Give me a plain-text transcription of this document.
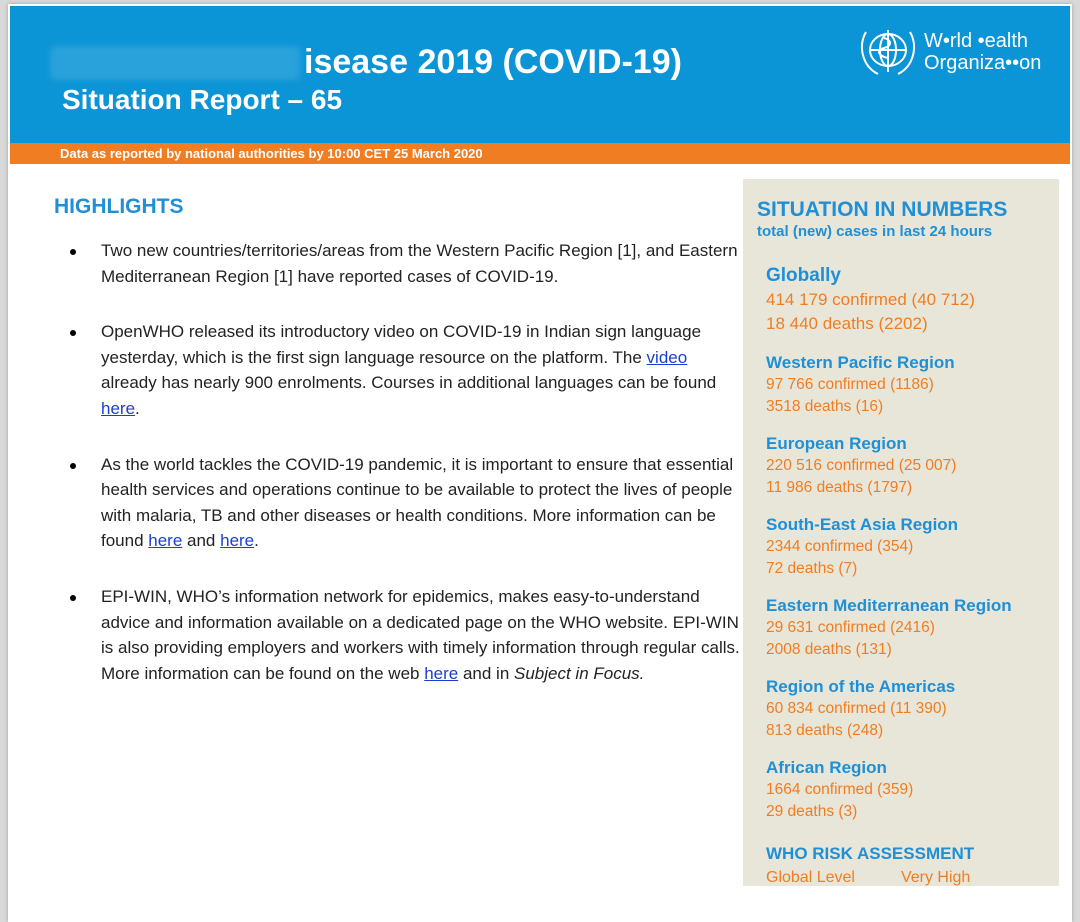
isease 2019 (COVID-19)
Situation Report – 65
W•rld •ealth
Organiza••on
Data as reported by national authorities by 10:00 CET 25 March 2020
HIGHLIGHTS
Two new countries/territories/areas from the Western Pacific Region [1], and Eastern Mediterranean Region [1] have reported cases of COVID-19.
OpenWHO released its introductory video on COVID-19 in Indian sign language yesterday, which is the first sign language resource on the platform. The video already has nearly 900 enrolments. Courses in additional languages can be found here.
As the world tackles the COVID-19 pandemic, it is important to ensure that essential health services and operations continue to be available to protect the lives of people with malaria, TB and other diseases or health conditions. More information can be found here and here.
EPI-WIN, WHO’s information network for epidemics, makes easy-to-understand advice and information available on a dedicated page on the WHO website. EPI-WIN is also providing employers and workers with timely information through regular calls. More information can be found on the web here and in Subject in Focus.
SITUATION IN NUMBERS
total (new) cases in last 24 hours
Globally
414 179 confirmed (40 712)
18 440 deaths (2202)
Western Pacific Region
97 766 confirmed (1186)
3518 deaths (16)
European Region
220 516 confirmed (25 007)
11 986 deaths (1797)
South-East Asia Region
2344 confirmed (354)
72 deaths (7)
Eastern Mediterranean Region
29 631 confirmed (2416)
2008 deaths (131)
Region of the Americas
60 834 confirmed (11 390)
813 deaths (248)
African Region
1664 confirmed (359)
29 deaths (3)
WHO RISK ASSESSMENT
Global Level	Very High
